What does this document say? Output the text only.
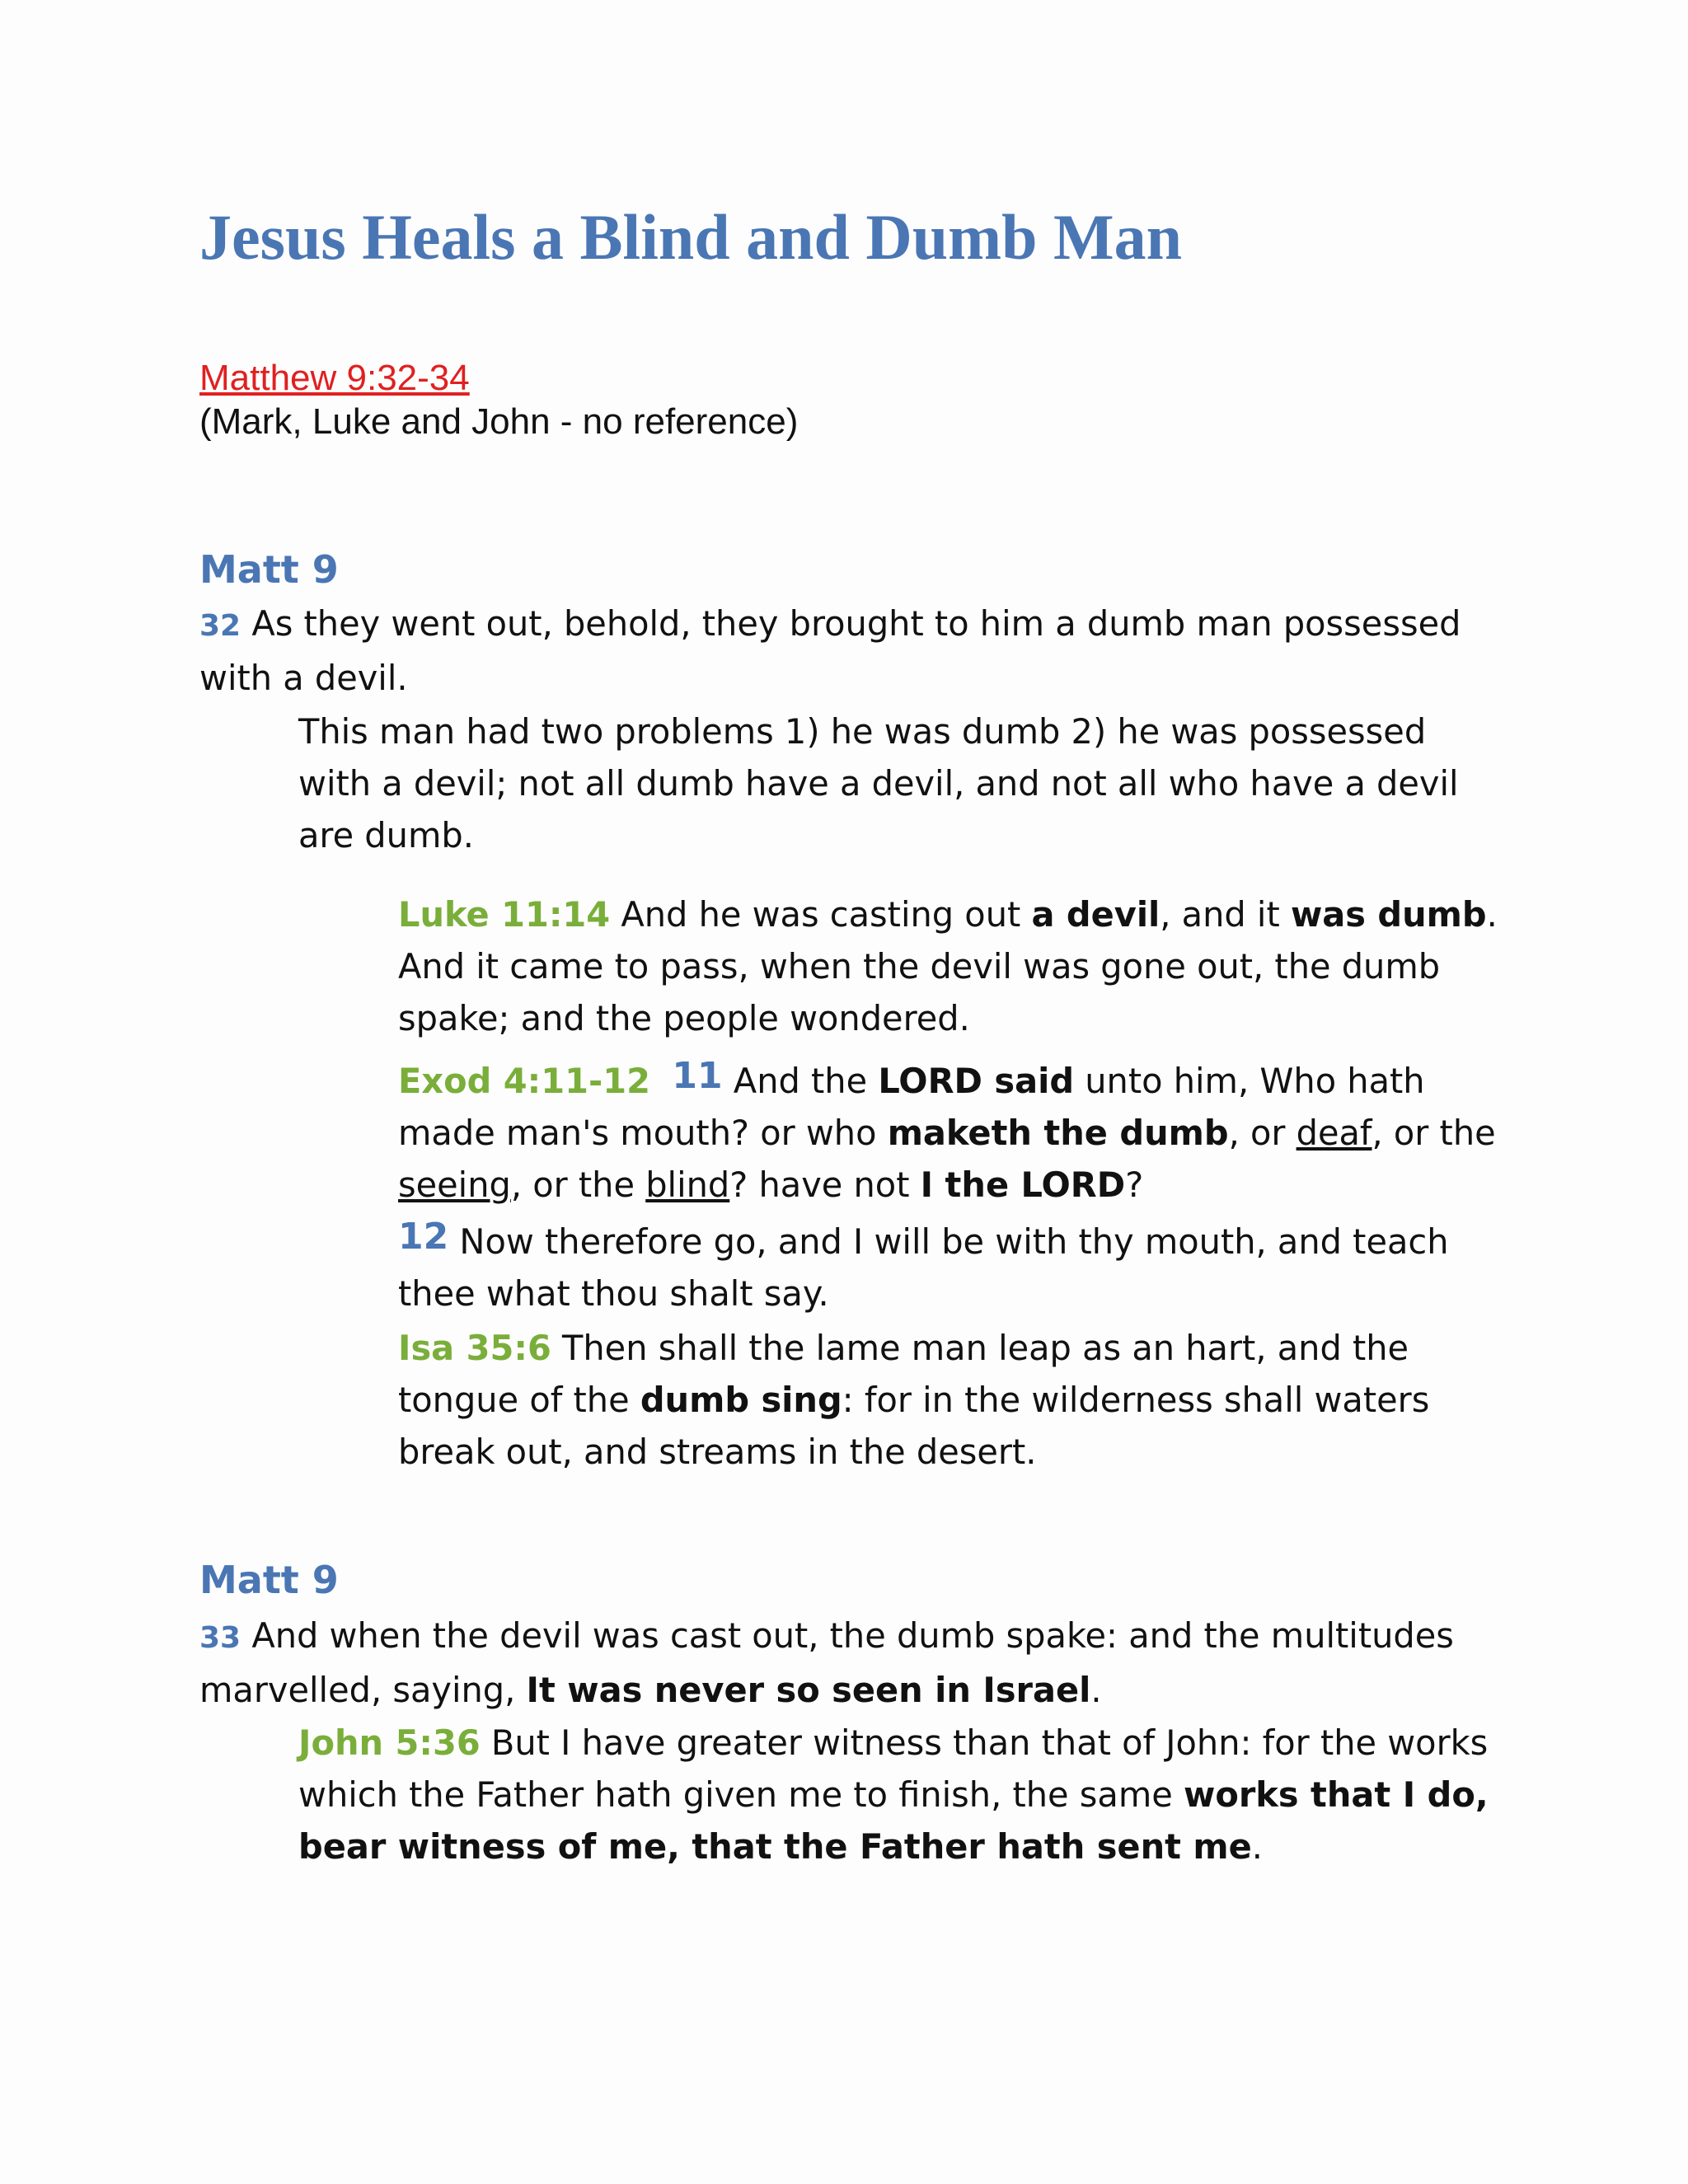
Jesus Heals a Blind and Dumb Man
Matthew 9:32-34
(Mark, Luke and John - no reference)
Matt 9
32 As they went out, behold, they brought to him a dumb man possessed
with a devil.
This man had two problems 1) he was dumb 2) he was possessed
with a devil; not all dumb have a devil, and not all who have a devil
are dumb.
Luke 11:14 And he was casting out a devil, and it was dumb.
And it came to pass, when the devil was gone out, the dumb
spake; and the people wondered.
Exod 4:11-12 11 And the LORD said unto him, Who hath
made man's mouth? or who maketh the dumb, or deaf, or the
seeing, or the blind? have not I the LORD?
12 Now therefore go, and I will be with thy mouth, and teach
thee what thou shalt say.
Isa 35:6 Then shall the lame man leap as an hart, and the
tongue of the dumb sing: for in the wilderness shall waters
break out, and streams in the desert.
Matt 9
33 And when the devil was cast out, the dumb spake: and the multitudes
marvelled, saying, It was never so seen in Israel.
John 5:36 But I have greater witness than that of John: for the works
which the Father hath given me to finish, the same works that I do,
bear witness of me, that the Father hath sent me.
